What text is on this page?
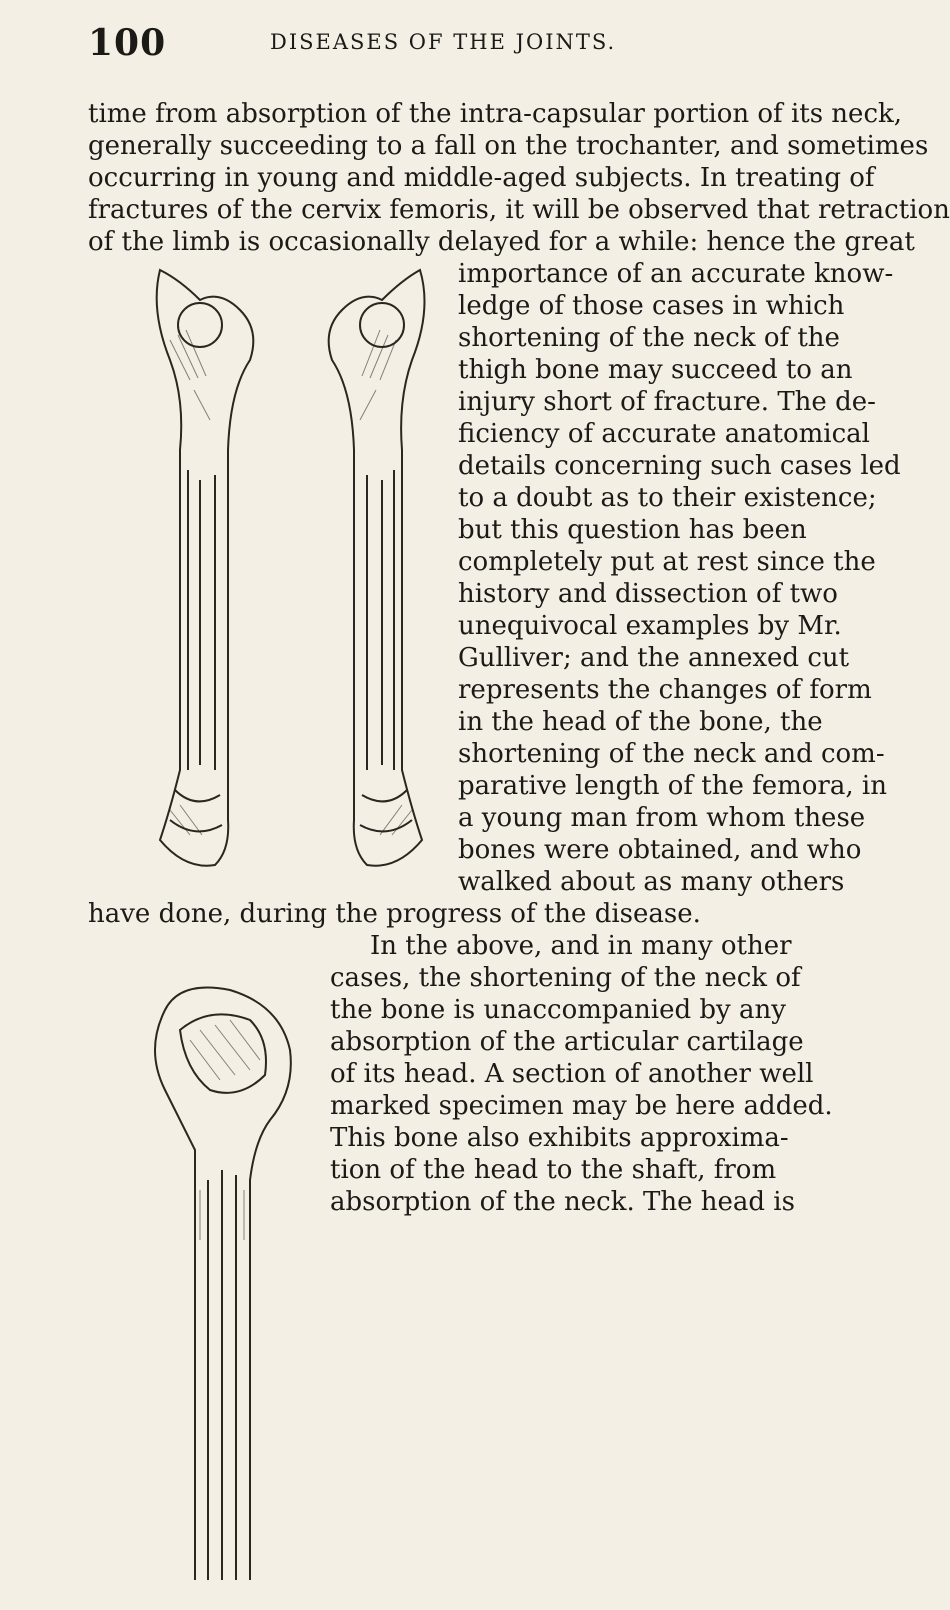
100	DISEASES OF THE JOINTS.
time from absorption of the intra-capsular portion of its neck,
generally succeeding to a fall on the trochanter, and sometimes
occurring in young and middle-aged subjects. In treating of
fractures of the cervix femoris, it will be observed that retraction
of the limb is occasionally delayed for a while: hence the great
importance of an accurate know-
ledge of those cases in which
shortening of the neck of the
thigh bone may succeed to an
injury short of fracture. The de-
ficiency of accurate anatomical
details concerning such cases led
to a doubt as to their existence;
but this question has been
completely put at rest since the
history and dissection of two
unequivocal examples by Mr.
Gulliver; and the annexed cut
represents the changes of form
in the head of the bone, the
shortening of the neck and com-
parative length of the femora, in
a young man from whom these
bones were obtained, and who
walked about as many others
have done, during the progress of the disease.
In the above, and in many other
cases, the shortening of the neck of
the bone is unaccompanied by any
absorption of the articular cartilage
of its head. A section of another well
marked specimen may be here added.
This bone also exhibits approxima-
tion of the head to the shaft, from
absorption of the neck. The head is
